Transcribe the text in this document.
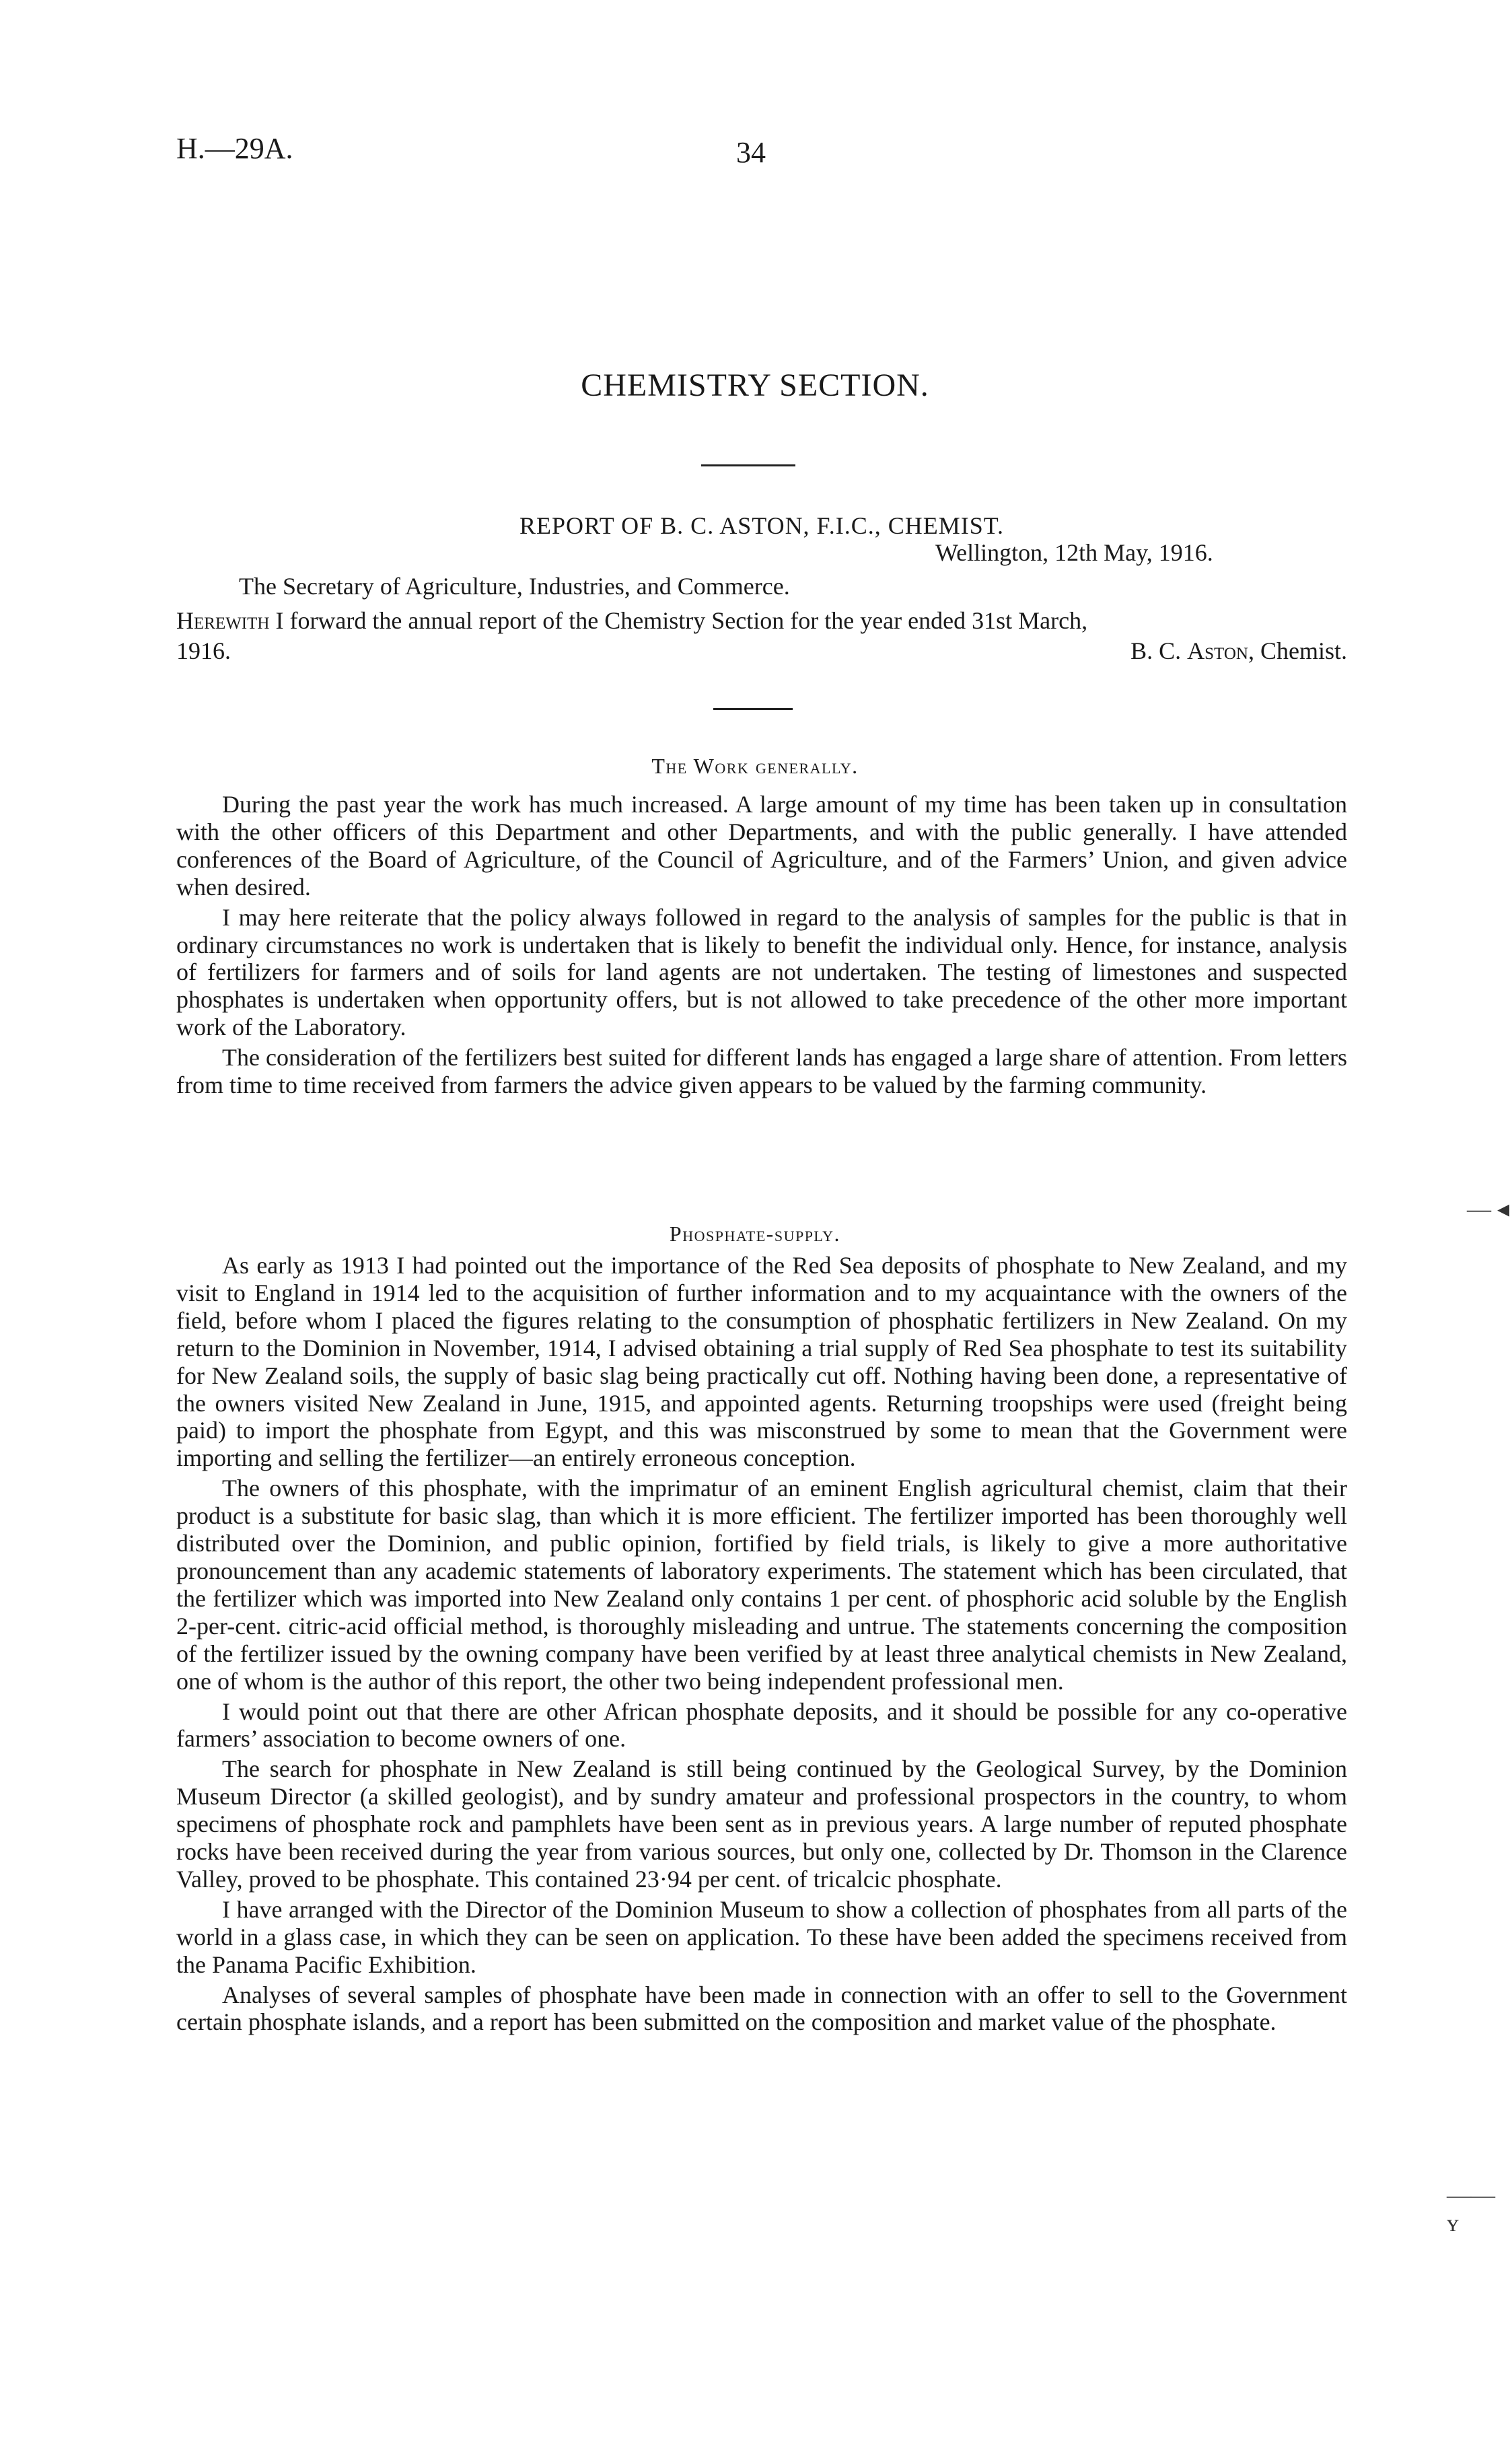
H.—29A.	34
CHEMISTRY SECTION.
REPORT OF B. C. ASTON, F.I.C., CHEMIST.
Wellington, 12th May, 1916.
The Secretary of Agriculture, Industries, and Commerce.
Herewith I forward the annual report of the Chemistry Section for the year ended 31st March,
1916.	B. C. Aston, Chemist.
The Work generally.

During the past year the work has much increased. A large amount of my time has been taken up in consultation with the other officers of this Department and other Departments, and with the public generally. I have attended conferences of the Board of Agriculture, of the Council of Agriculture, and of the Farmers’ Union, and given advice when desired.

I may here reiterate that the policy always followed in regard to the analysis of samples for the public is that in ordinary circumstances no work is undertaken that is likely to benefit the individual only. Hence, for instance, analysis of fertilizers for farmers and of soils for land agents are not undertaken. The testing of limestones and suspected phosphates is undertaken when opportunity offers, but is not allowed to take precedence of the other more important work of the Laboratory.

The consideration of the fertilizers best suited for different lands has engaged a large share of attention. From letters from time to time received from farmers the advice given appears to be valued by the farming community.

— ◂
Phosphate-supply.

As early as 1913 I had pointed out the importance of the Red Sea deposits of phosphate to New Zealand, and my visit to England in 1914 led to the acquisition of further information and to my acquaintance with the owners of the field, before whom I placed the figures relating to the consumption of phosphatic fertilizers in New Zealand. On my return to the Dominion in November, 1914, I advised obtaining a trial supply of Red Sea phosphate to test its suitability for New Zealand soils, the supply of basic slag being practically cut off. Nothing having been done, a representative of the owners visited New Zealand in June, 1915, and appointed agents. Returning troopships were used (freight being paid) to import the phosphate from Egypt, and this was misconstrued by some to mean that the Government were importing and selling the fertilizer—an entirely erroneous conception.

The owners of this phosphate, with the imprimatur of an eminent English agricultural chemist, claim that their product is a substitute for basic slag, than which it is more efficient. The fertilizer imported has been thoroughly well distributed over the Dominion, and public opinion, fortified by field trials, is likely to give a more authoritative pronouncement than any academic statements of laboratory experiments. The statement which has been circulated, that the fertilizer which was imported into New Zealand only contains 1 per cent. of phosphoric acid soluble by the English 2-per-cent. citric-acid official method, is thoroughly misleading and untrue. The statements concerning the composition of the fertilizer issued by the owning company have been verified by at least three analytical chemists in New Zealand, one of whom is the author of this report, the other two being independent professional men.

I would point out that there are other African phosphate deposits, and it should be possible for any co-operative farmers’ association to become owners of one.

The search for phosphate in New Zealand is still being continued by the Geological Survey, by the Dominion Museum Director (a skilled geologist), and by sundry amateur and professional prospectors in the country, to whom specimens of phosphate rock and pamphlets have been sent as in previous years. A large number of reputed phosphate rocks have been received during the year from various sources, but only one, collected by Dr. Thomson in the Clarence Valley, proved to be phosphate. This contained 23·94 per cent. of tricalcic phosphate.

I have arranged with the Director of the Dominion Museum to show a collection of phosphates from all parts of the world in a glass case, in which they can be seen on application. To these have been added the specimens received from the Panama Pacific Exhibition.

Analyses of several samples of phosphate have been made in connection with an offer to sell to the Government certain phosphate islands, and a report has been submitted on the composition and market value of the phosphate.

—— ʏ
